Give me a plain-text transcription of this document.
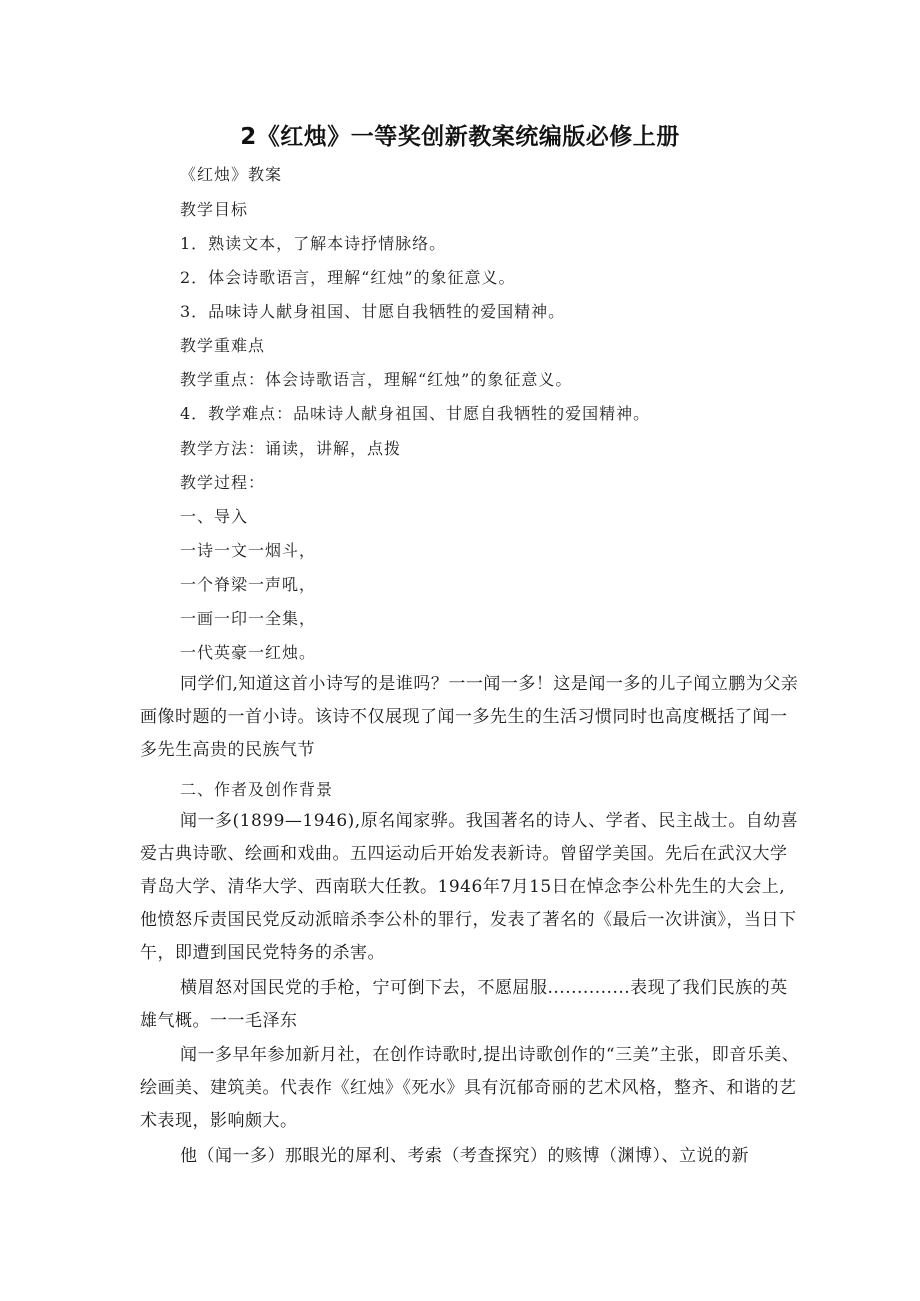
2《红烛》一等奖创新教案统编版必修上册
《红烛》教案
教学目标
1．熟读文本，了解本诗抒情脉络。
2．体会诗歌语言，理解“红烛”的象征意义。
3．品味诗人献身祖国、甘愿自我牺牲的爱国精神。
教学重难点
教学重点：体会诗歌语言，理解“红烛”的象征意义。
4．教学难点：品味诗人献身祖国、甘愿自我牺牲的爱国精神。
教学方法：诵读，讲解，点拨
教学过程：
一、导入
一诗一文一烟斗，
一个脊梁一声吼，
一画一印一全集，
一代英豪一红烛。

同学们,知道这首小诗写的是谁吗？一一闻一多！这是闻一多的儿子闻立鹏为父亲画像时题的一首小诗。该诗不仅展现了闻一多先生的生活习惯同时也高度概括了闻一多先生高贵的民族气节

二、作者及创作背景

闻一多(1899—1946),原名闻家骅。我国著名的诗人、学者、民主战士。自幼喜爱古典诗歌、绘画和戏曲。五四运动后开始发表新诗。曾留学美国。先后在武汉大学青岛大学、清华大学、西南联大任教。1946年7月15日在悼念李公朴先生的大会上,他愤怒斥责国民党反动派暗杀李公朴的罪行，发表了著名的《最后一次讲演》，当日下午，即遭到国民党特务的杀害。

横眉怒对国民党的手枪，宁可倒下去，不愿屈服..............表现了我们民族的英雄气概。一一毛泽东

闻一多早年参加新月社，在创作诗歌时,提出诗歌创作的“三美”主张，即音乐美、绘画美、建筑美。代表作《红烛》《死水》具有沉郁奇丽的艺术风格，整齐、和谐的艺术表现，影响颇大。

他（闻一多）那眼光的犀利、考索（考查探究）的赅博（渊博）、立说的新
